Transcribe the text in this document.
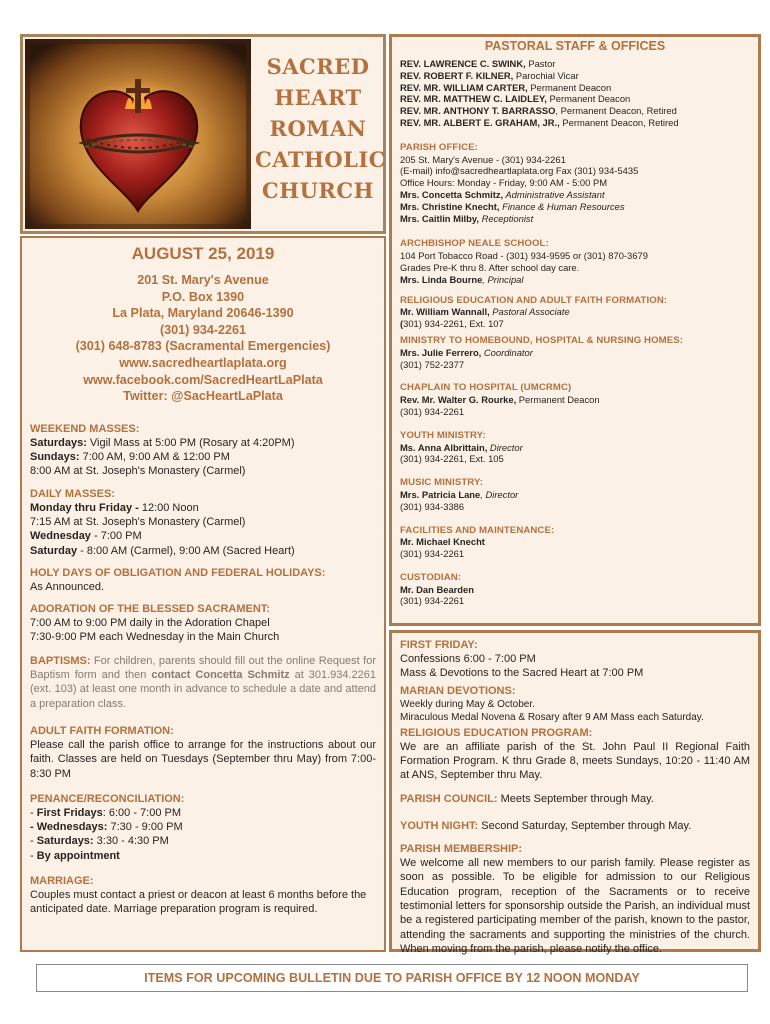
SACRED
HEART
ROMAN
CATHOLIC
CHURCH
AUGUST 25, 2019
201 St. Mary's Avenue
P.O. Box 1390
La Plata, Maryland 20646-1390
(301) 934-2261
(301) 648-8783 (Sacramental Emergencies)
www.sacredheartlaplata.org
www.facebook.com/SacredHeartLaPlata
Twitter: @SacHeartLaPlata
WEEKEND MASSES:
Saturdays: Vigil Mass at 5:00 PM (Rosary at 4:20PM)
Sundays: 7:00 AM, 9:00 AM & 12:00 PM
8:00 AM at St. Joseph's Monastery (Carmel)
DAILY MASSES:
Monday thru Friday - 12:00 Noon
7:15 AM at St. Joseph's Monastery (Carmel)
Wednesday - 7:00 PM
Saturday - 8:00 AM (Carmel), 9:00 AM (Sacred Heart)
HOLY DAYS OF OBLIGATION AND FEDERAL HOLIDAYS:
As Announced.
ADORATION OF THE BLESSED SACRAMENT:
7:00 AM to 9:00 PM daily in the Adoration Chapel
7:30-9:00 PM each Wednesday in the Main Church
BAPTISMS: For children, parents should fill out the online Request for Baptism form and then contact Concetta Schmitz at 301.934.2261 (ext. 103) at least one month in advance to schedule a date and attend a preparation class.
ADULT FAITH FORMATION:
Please call the parish office to arrange for the instructions about our faith. Classes are held on Tuesdays (September thru May) from 7:00-8:30 PM
PENANCE/RECONCILIATION:
- First Fridays: 6:00 - 7:00 PM
- Wednesdays: 7:30 - 9:00 PM
- Saturdays: 3:30 - 4:30 PM
- By appointment
MARRIAGE:
Couples must contact a priest or deacon at least 6 months before the anticipated date. Marriage preparation program is required.
PASTORAL STAFF & OFFICES
REV. LAWRENCE C. SWINK, Pastor
REV. ROBERT F. KILNER, Parochial Vicar
REV. MR. WILLIAM CARTER, Permanent Deacon
REV. MR. MATTHEW C. LAIDLEY, Permanent Deacon
REV. MR. ANTHONY T. BARRASSO, Permanent Deacon, Retired
REV. MR. ALBERT E. GRAHAM, JR., Permanent Deacon, Retired
PARISH OFFICE:
205 St. Mary's Avenue - (301) 934-2261
(E-mail) info@sacredheartlaplata.org Fax (301) 934-5435
Office Hours: Monday - Friday, 9:00 AM - 5:00 PM
Mrs. Concetta Schmitz, Administrative Assistant
Mrs. Christine Knecht, Finance & Human Resources
Mrs. Caitlin Milby, Receptionist
ARCHBISHOP NEALE SCHOOL:
104 Port Tobacco Road - (301) 934-9595 or (301) 870-3679
Grades Pre-K thru 8. After school day care.
Mrs. Linda Bourne, Principal
RELIGIOUS EDUCATION AND ADULT FAITH FORMATION:
Mr. William Wannall, Pastoral Associate
(301) 934-2261, Ext. 107
MINISTRY TO HOMEBOUND, HOSPITAL & NURSING HOMES:
Mrs. Julie Ferrero, Coordinator
(301) 752-2377
CHAPLAIN TO HOSPITAL (UMCRMC)
Rev. Mr. Walter G. Rourke, Permanent Deacon
(301) 934-2261
YOUTH MINISTRY:
Ms. Anna Albrittain, Director
(301) 934-2261, Ext. 105
MUSIC MINISTRY:
Mrs. Patricia Lane, Director
(301) 934-3386
FACILITIES AND MAINTENANCE:
Mr. Michael Knecht
(301) 934-2261
CUSTODIAN:
Mr. Dan Bearden
(301) 934-2261
FIRST FRIDAY:
Confessions 6:00 - 7:00 PM
Mass & Devotions to the Sacred Heart at 7:00 PM
MARIAN DEVOTIONS:
Weekly during May & October.
Miraculous Medal Novena & Rosary after 9 AM Mass each Saturday.
RELIGIOUS EDUCATION PROGRAM:
We are an affiliate parish of the St. John Paul II Regional Faith Formation Program. K thru Grade 8, meets Sundays, 10:20 - 11:40 AM at ANS, September thru May.
PARISH COUNCIL: Meets September through May.
YOUTH NIGHT: Second Saturday, September through May.
PARISH MEMBERSHIP:
We welcome all new members to our parish family. Please register as soon as possible. To be eligible for admission to our Religious Education program, reception of the Sacraments or to receive testimonial letters for sponsorship outside the Parish, an individual must be a registered participating member of the parish, known to the pastor, attending the sacraments and supporting the ministries of the church. When moving from the parish, please notify the office.
ITEMS FOR UPCOMING BULLETIN DUE TO PARISH OFFICE BY 12 NOON MONDAY
